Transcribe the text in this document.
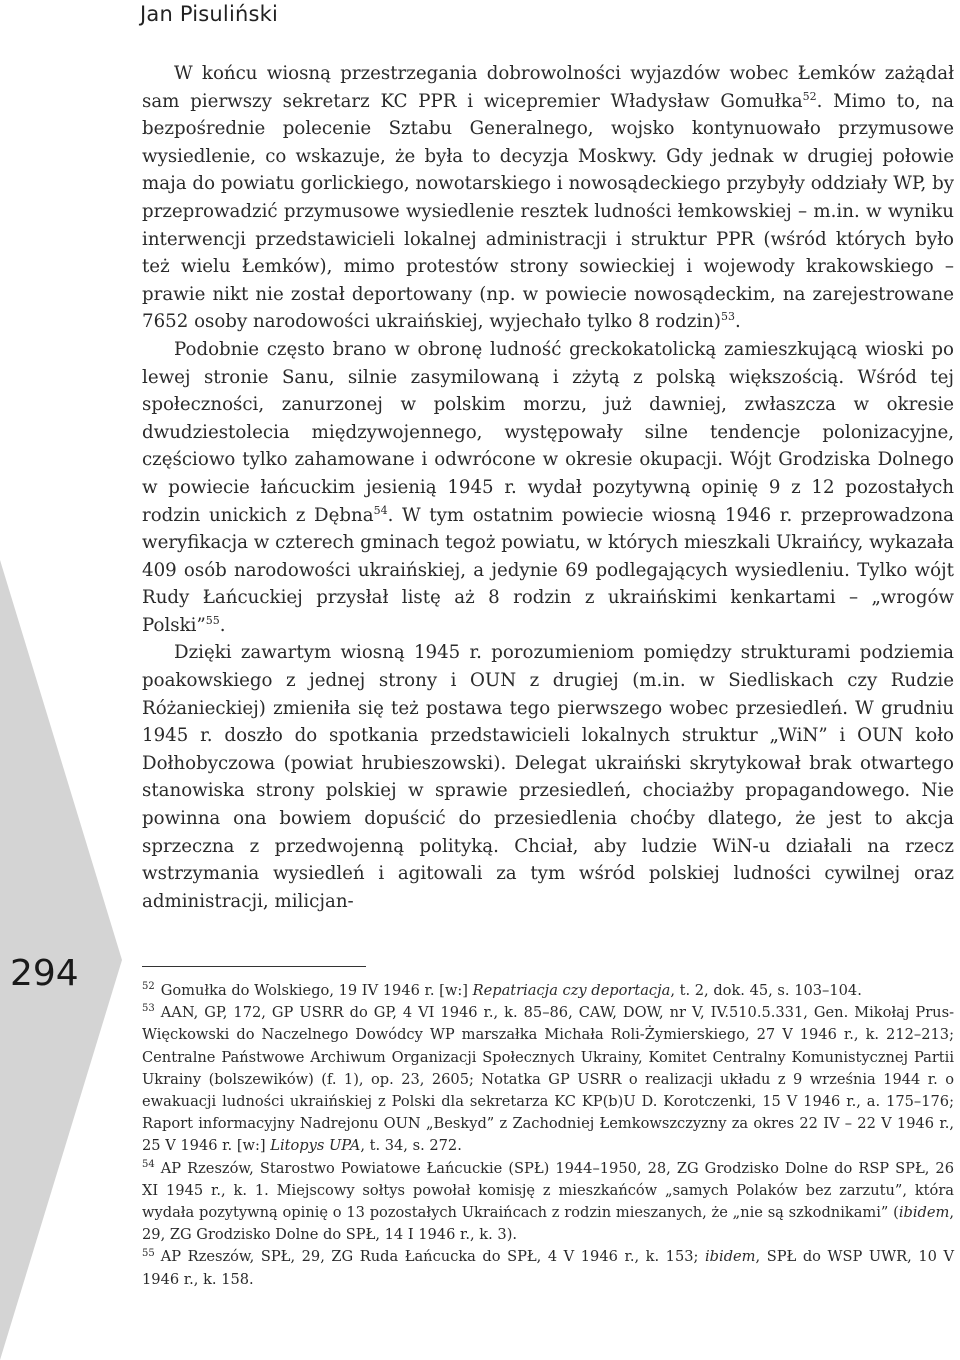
Jan Pisuliński
294

W końcu wiosną przestrzegania dobrowolności wyjazdów wobec Łemków zażądał sam pierwszy sekretarz KC PPR i wicepremier Władysław Gomułka$^{52}$. Mimo to, na bezpośrednie polecenie Sztabu Generalnego, wojsko kontynuowało przymusowe wysiedlenie, co wskazuje, że była to decyzja Moskwy. Gdy jednak w drugiej połowie maja do powiatu gorlickiego, nowotarskiego i nowosądeckiego przybyły oddziały WP, by przeprowadzić przymusowe wysiedlenie resztek ludności łemkowskiej – m.in. w wyniku interwencji przedstawicieli lokalnej administracji i struktur PPR (wśród których było też wielu Łemków), mimo protestów strony sowieckiej i wojewody krakowskiego – prawie nikt nie został deportowany (np. w powiecie nowosądeckim, na zarejestrowane 7652 osoby narodowości ukraińskiej, wyjechało tylko 8 rodzin)$^{53}$.

Podobnie często brano w obronę ludność greckokatolicką zamieszkującą wioski po lewej stronie Sanu, silnie zasymilowaną i zżytą z polską większością. Wśród tej społeczności, zanurzonej w polskim morzu, już dawniej, zwłaszcza w okresie dwudziestolecia międzywojennego, występowały silne tendencje polonizacyjne, częściowo tylko zahamowane i odwrócone w okresie okupacji. Wójt Grodziska Dolnego w powiecie łańcuckim jesienią 1945 r. wydał pozytywną opinię 9 z 12 pozostałych rodzin unickich z Dębna$^{54}$. W tym ostatnim powiecie wiosną 1946 r. przeprowadzona weryfikacja w czterech gminach tegoż powiatu, w których mieszkali Ukraińcy, wykazała 409 osób narodowości ukraińskiej, a jedynie 69 podlegających wysiedleniu. Tylko wójt Rudy Łańcuckiej przysłał listę aż 8 rodzin z ukraińskimi kenkartami – „wrogów Polski”$^{55}$.

Dzięki zawartym wiosną 1945 r. porozumieniom pomiędzy strukturami podziemia poakowskiego z jednej strony i OUN z drugiej (m.in. w Siedliskach czy Rudzie Różanieckiej) zmieniła się też postawa tego pierwszego wobec przesiedleń. W grudniu 1945 r. doszło do spotkania przedstawicieli lokalnych struktur „WiN” i OUN koło Dołhobyczowa (powiat hrubieszowski). Delegat ukraiński skrytykował brak otwartego stanowiska strony polskiej w sprawie przesiedleń, chociażby propagandowego. Nie powinna ona bowiem dopuścić do przesiedlenia choćby dlatego, że jest to akcja sprzeczna z przedwojenną polityką. Chciał, aby ludzie WiN-u działali na rzecz wstrzymania wysiedleń i agitowali za tym wśród polskiej ludności cywilnej oraz administracji, milicjan-

$^{52}$ Gomułka do Wolskiego, 19 IV 1946 r. [w:] Repatriacja czy deportacja, t. 2, dok. 45, s. 103–104.

$^{53}$ AAN, GP, 172, GP USRR do GP, 4 VI 1946 r., k. 85–86, CAW, DOW, nr V, IV.510.5.331, Gen. Mikołaj Prus-Więckowski do Naczelnego Dowódcy WP marszałka Michała Roli-Żymierskiego, 27 V 1946 r., k. 212–213; Centralne Państwowe Archiwum Organizacji Społecznych Ukrainy, Komitet Centralny Komunistycznej Partii Ukrainy (bolszewików) (f. 1), op. 23, 2605; Notatka GP USRR o realizacji układu z 9 września 1944 r. o ewakuacji ludności ukraińskiej z Polski dla sekretarza KC KP(b)U D. Korotczenki, 15 V 1946 r., a. 175–176; Raport informacyjny Nadrejonu OUN „Beskyd” z Zachodniej Łemkowszczyzny za okres 22 IV – 22 V 1946 r., 25 V 1946 r. [w:] Litopys UPA, t. 34, s. 272.

$^{54}$ AP Rzeszów, Starostwo Powiatowe Łańcuckie (SPŁ) 1944–1950, 28, ZG Grodzisko Dolne do RSP SPŁ, 26 XI 1945 r., k. 1. Miejscowy sołtys powołał komisję z mieszkańców „samych Polaków bez zarzutu”, która wydała pozytywną opinię o 13 pozostałych Ukraińcach z rodzin mieszanych, że „nie są szkodnikami” (ibidem, 29, ZG Grodzisko Dolne do SPŁ, 14 I 1946 r., k. 3).

$^{55}$ AP Rzeszów, SPŁ, 29, ZG Ruda Łańcucka do SPŁ, 4 V 1946 r., k. 153; ibidem, SPŁ do WSP UWR, 10 V 1946 r., k. 158.
